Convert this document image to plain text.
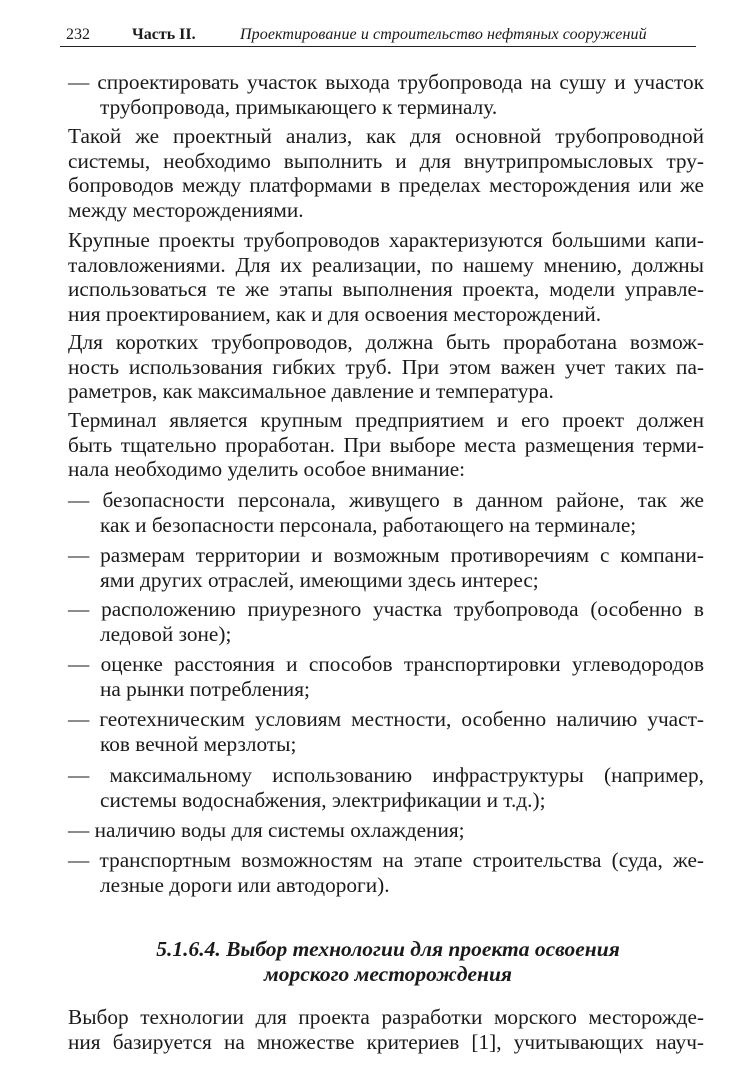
232	Часть II.	Проектирование и строительство нефтяных сооружений
— спроектировать участок выхода трубопровода на сушу и участок
трубопровода, примыкающего к терминалу.
Такой же проектный анализ, как для основной трубопроводной
системы, необходимо выполнить и для внутрипромысловых тру-
бопроводов между платформами в пределах месторождения или же
между месторождениями.
Крупные проекты трубопроводов характеризуются большими капи-
таловложениями. Для их реализации, по нашему мнению, должны
использоваться те же этапы выполнения проекта, модели управле-
ния проектированием, как и для освоения месторождений.
Для коротких трубопроводов, должна быть проработана возмож-
ность использования гибких труб. При этом важен учет таких па-
раметров, как максимальное давление и температура.
Терминал является крупным предприятием и его проект должен
быть тщательно проработан. При выборе места размещения терми-
нала необходимо уделить особое внимание:
— безопасности персонала, живущего в данном районе, так же
как и безопасности персонала, работающего на терминале;
— размерам территории и возможным противоречиям с компани-
ями других отраслей, имеющими здесь интерес;
— расположению приурезного участка трубопровода (особенно в
ледовой зоне);
— оценке расстояния и способов транспортировки углеводородов
на рынки потребления;
— геотехническим условиям местности, особенно наличию участ-
ков вечной мерзлоты;
— максимальному использованию инфраструктуры (например,
системы водоснабжения, электрификации и т.д.);
— наличию воды для системы охлаждения;
— транспортным возможностям на этапе строительства (суда, же-
лезные дороги или автодороги).
5.1.6.4. Выбор технологии для проекта освоения
морского месторождения
Выбор технологии для проекта разработки морского месторожде-
ния базируется на множестве критериев [1], учитывающих науч-
